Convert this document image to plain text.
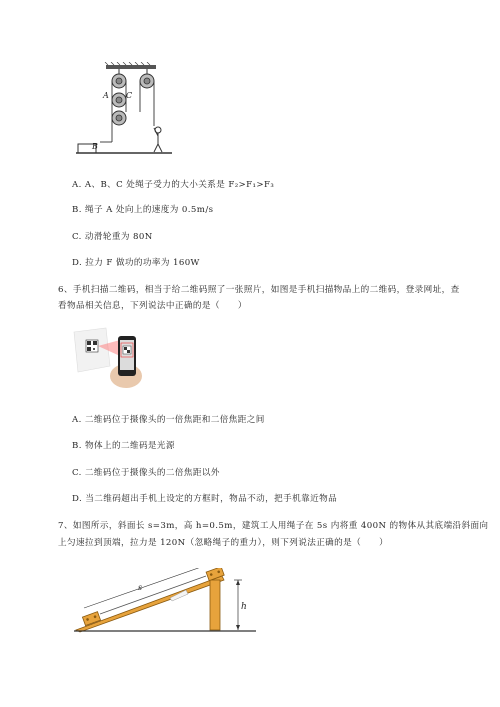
A C
B
A. A、B、C 处绳子受力的大小关系是 F₂>F₁>F₃
B. 绳子 A 处向上的速度为 0.5m/s
C. 动滑轮重为 80N
D. 拉力 F 做功的功率为 160W
6、手机扫描二维码，相当于给二维码照了一张照片，如图是手机扫描物品上的二维码，登录网址，查
看物品相关信息，下列说法中正确的是（　　）
A. 二维码位于摄像头的一倍焦距和二倍焦距之间
B. 物体上的二维码是光源
C. 二维码位于摄像头的二倍焦距以外
D. 当二维码超出手机上设定的方框时，物品不动，把手机靠近物品
7、如图所示，斜面长 s=3m，高 h=0.5m，建筑工人用绳子在 5s 内将重 400N 的物体从其底端沿斜面向
上匀速拉到顶端，拉力是 120N（忽略绳子的重力），则下列说法正确的是（　　）
s
h
